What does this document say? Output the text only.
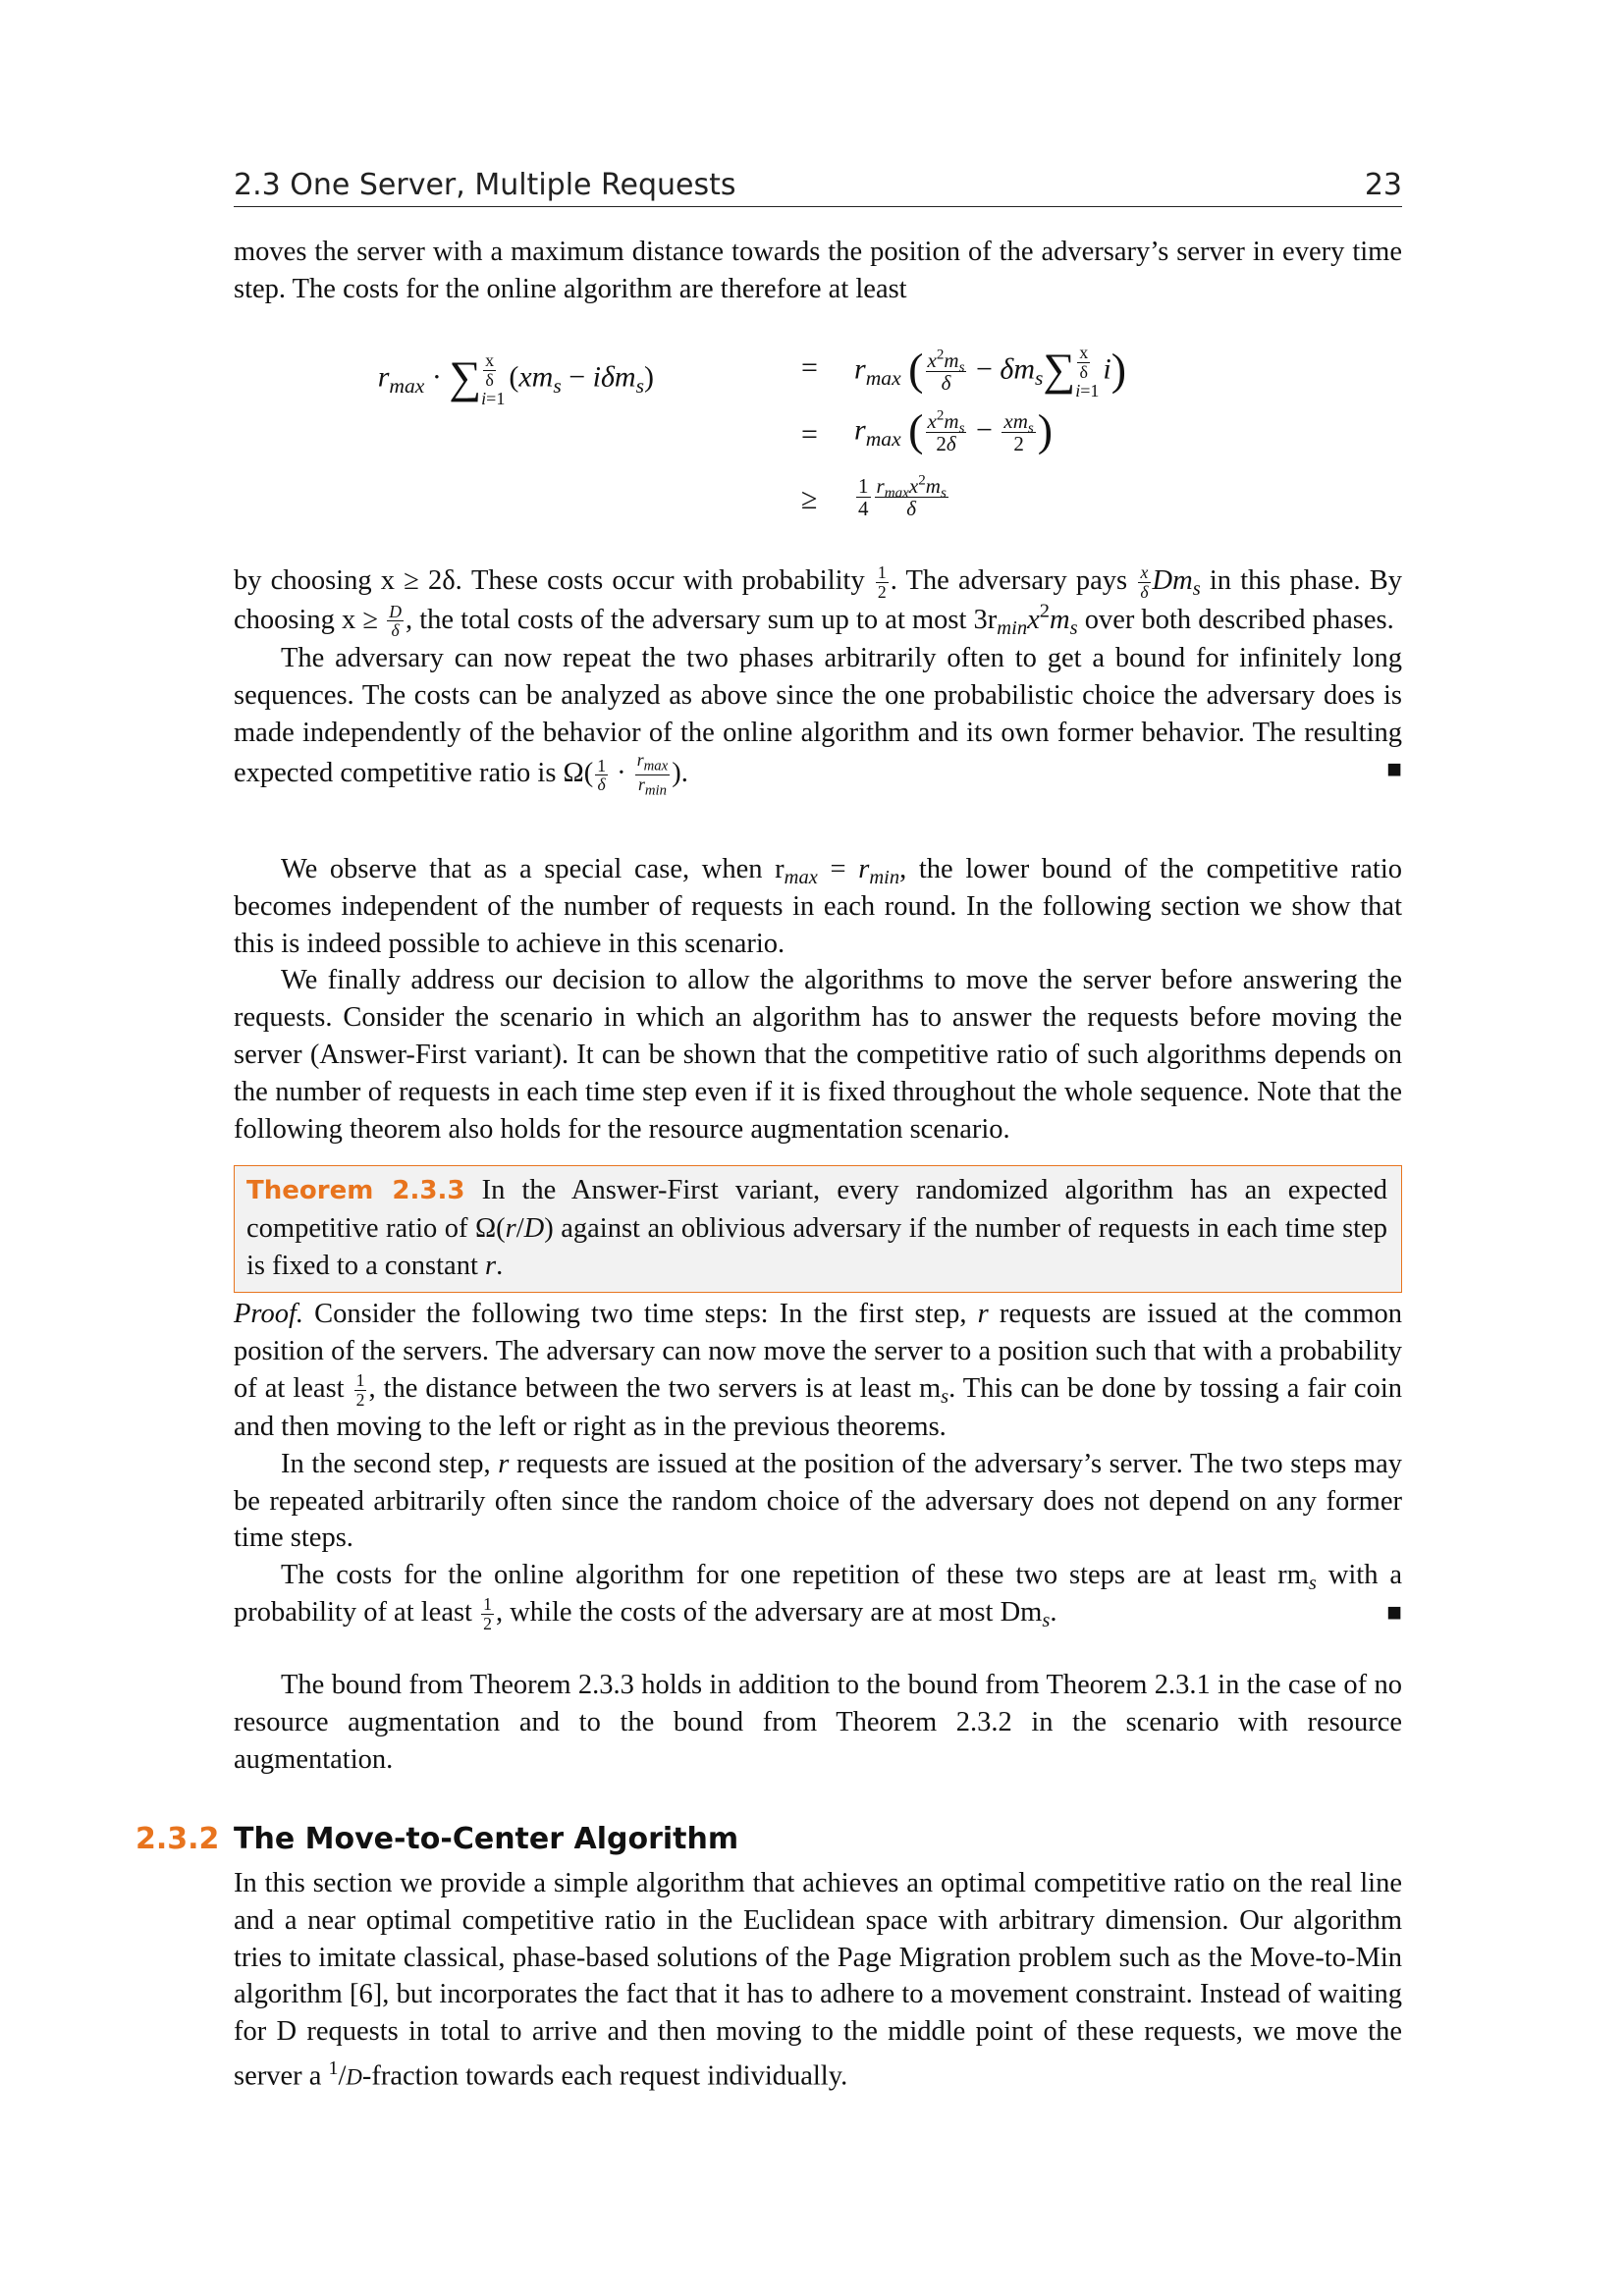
2.3 One Server, Multiple Requests	23

moves the server with a maximum distance towards the position of the adversary’s server in every time step. The costs for the online algorithm are therefore at least

$r_{max}$ · ∑ $\frac{x}{\delta}$
i=1
$(xm_s - i\delta m_s)$	= $r_{max}$ ( $\frac{x^2m_s}{\delta} - \delta m_s\sum \frac{x}{\delta}$
i=1
i)
= $r_{max}$ ( $\frac{x^2m_s}{2\delta} - \frac{xm_s}{2}$ )
≥ $\frac{1}{4} \frac{r_{max}x^2m_s}{\delta}$

by choosing x ≥ 2δ. These costs occur with probability $\frac{1}{2}$ . The adversary pays $\frac{x}{\delta} Dm_s$ in this phase. By choosing $x \ge \frac{D}{\delta}$ , the total costs of the adversary sum up to at most $3r_{min}x^2m_s$ over both described phases.

The adversary can now repeat the two phases arbitrarily often to get a bound for infinitely long sequences. The costs can be analyzed as above since the one probabilistic choice the adversary does is made independently of the behavior of the online algorithm and its own former behavior. The resulting expected competitive ratio is $\Omega( \frac{1}{\delta} \cdot \frac{r_{max}}{r_{min}}$ ).	■

We observe that as a special case, when $r_{max} = r_{min}$, the lower bound of the competitive ratio becomes independent of the number of requests in each round. In the following section we show that this is indeed possible to achieve in this scenario.

We finally address our decision to allow the algorithms to move the server before answering the requests. Consider the scenario in which an algorithm has to answer the requests before moving the server (Answer-First variant). It can be shown that the competitive ratio of such algorithms depends on the number of requests in each time step even if it is fixed throughout the whole sequence. Note that the following theorem also holds for the resource augmentation scenario.

Theorem 2.3.3 In the Answer-First variant, every randomized algorithm has an expected competitive ratio of Ω(r/D) against an oblivious adversary if the number of requests in each time step is fixed to a constant r.

Proof. Consider the following two time steps: In the first step, r requests are issued at the common position of the servers. The adversary can now move the server to a position such that with a probability of at least $\frac{1}{2}$ , the distance between the two servers is at least $m_s$. This can be done by tossing a fair coin and then moving to the left or right as in the previous theorems.

In the second step, r requests are issued at the position of the adversary’s server. The two steps may be repeated arbitrarily often since the random choice of the adversary does not depend on any former time steps.

The costs for the online algorithm for one repetition of these two steps are at least $rm_s$ with a probability of at least $\frac{1}{2}$ , while the costs of the adversary are at most $Dm_s$.	■

The bound from Theorem 2.3.3 holds in addition to the bound from Theorem 2.3.1 in the case of no resource augmentation and to the bound from Theorem 2.3.2 in the scenario with resource augmentation.

2.3.2 The Move-to-Center Algorithm

In this section we provide a simple algorithm that achieves an optimal competitive ratio on the real line and a near optimal competitive ratio in the Euclidean space with arbitrary dimension. Our algorithm tries to imitate classical, phase-based solutions of the Page Migration problem such as the Move-to-Min algorithm [6], but incorporates the fact that it has to adhere to a movement constraint. Instead of waiting for D requests in total to arrive and then moving to the middle point of these requests, we move the server a $^1$/D-fraction towards each request individually.
